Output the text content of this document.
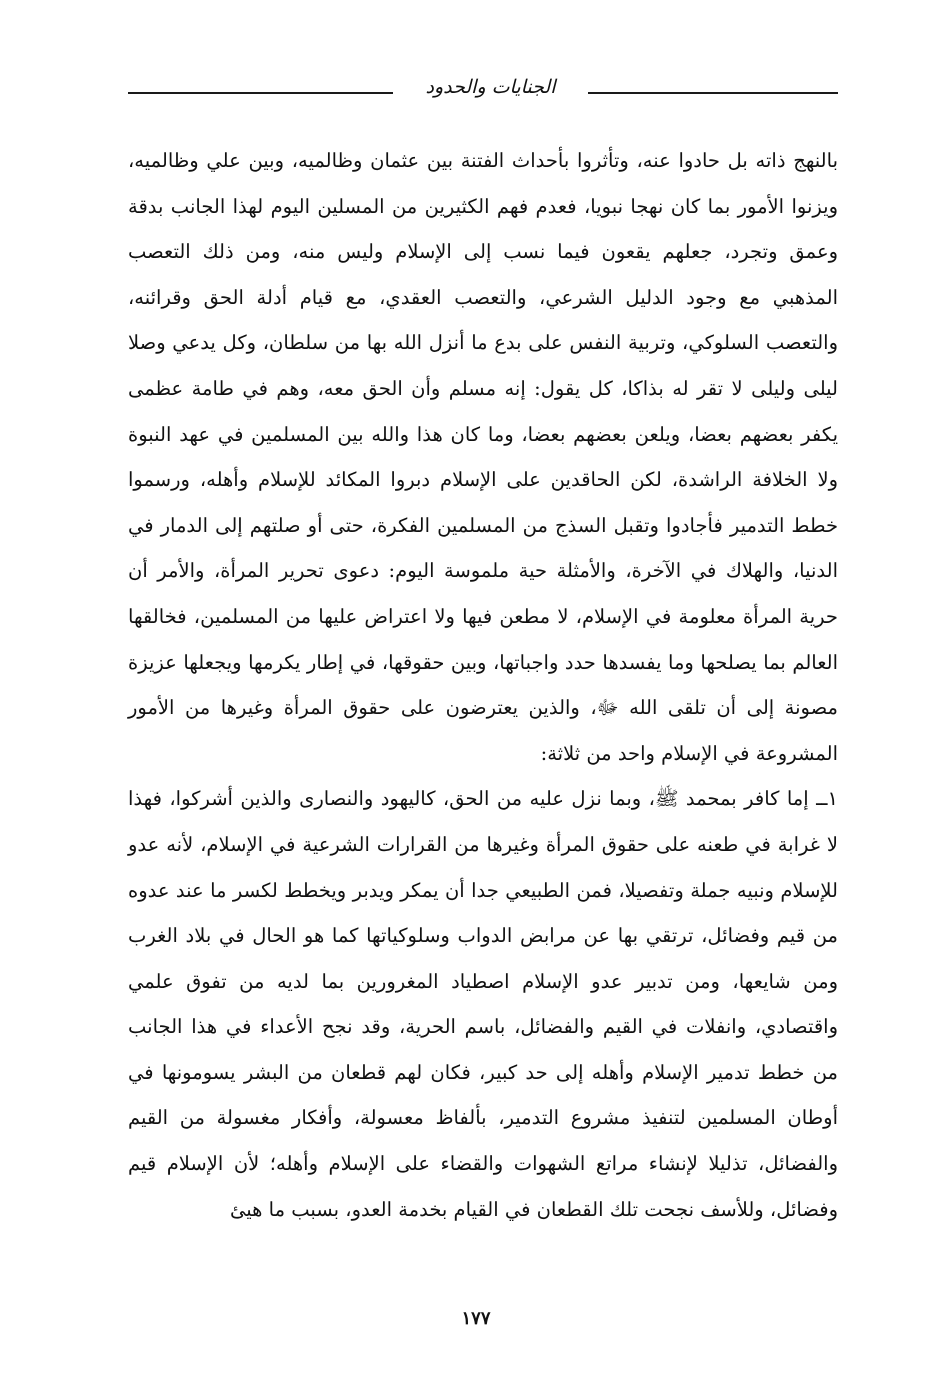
الجنايات والحدود

بالنهج ذاته بل حادوا عنه، وتأثروا بأحداث الفتنة بين عثمان وظالميه، وبين علي وظالميه، ويزنوا الأمور بما كان نهجا نبويا، فعدم فهم الكثيرين من المسلين اليوم لهذا الجانب بدقة وعمق وتجرد، جعلهم يقعون فيما نسب إلى الإسلام وليس منه، ومن ذلك التعصب المذهبي مع وجود الدليل الشرعي، والتعصب العقدي، مع قيام أدلة الحق وقرائنه، والتعصب السلوكي، وتربية النفس على بدع ما أنزل الله بها من سلطان، وكل يدعي وصلا ليلى وليلى لا تقر له بذاكا، كل يقول: إنه مسلم وأن الحق معه، وهم في طامة عظمى يكفر بعضهم بعضا، ويلعن بعضهم بعضا، وما كان هذا والله بين المسلمين في عهد النبوة ولا الخلافة الراشدة، لكن الحاقدين على الإسلام دبروا المكائد للإسلام وأهله، ورسموا خطط التدمير فأجادوا وتقبل السذج من المسلمين الفكرة، حتى أو صلتهم إلى الدمار في الدنيا، والهلاك في الآخرة، والأمثلة حية ملموسة اليوم: دعوى تحرير المرأة، والأمر أن حرية المرأة معلومة في الإسلام، لا مطعن فيها ولا اعتراض عليها من المسلمين، فخالقها العالم بما يصلحها وما يفسدها حدد واجباتها، وبين حقوقها، في إطار يكرمها ويجعلها عزيزة مصونة إلى أن تلقى الله ﷻ، والذين يعترضون على حقوق المرأة وغيرها من الأمور المشروعة في الإسلام واحد من ثلاثة:

١ــ إما كافر بمحمد ﷺ، وبما نزل عليه من الحق، كاليهود والنصارى والذين أشركوا، فهذا لا غرابة في طعنه على حقوق المرأة وغيرها من القرارات الشرعية في الإسلام، لأنه عدو للإسلام ونبيه جملة وتفصيلا، فمن الطبيعي جدا أن يمكر ويدبر ويخطط لكسر ما عند عدوه من قيم وفضائل، ترتقي بها عن مرابض الدواب وسلوكياتها كما هو الحال في بلاد الغرب ومن شايعها، ومن تدبير عدو الإسلام اصطياد المغرورين بما لديه من تفوق علمي واقتصادي، وانفلات في القيم والفضائل، باسم الحرية، وقد نجح الأعداء في هذا الجانب من خطط تدمير الإسلام وأهله إلى حد كبير، فكان لهم قطعان من البشر يسومونها في أوطان المسلمين لتنفيذ مشروع التدمير، بألفاظ معسولة، وأفكار مغسولة من القيم والفضائل، تذليلا لإنشاء مراتع الشهوات والقضاء على الإسلام وأهله؛ لأن الإسلام قيم وفضائل، وللأسف نجحت تلك القطعان في القيام بخدمة العدو، بسبب ما هيئ

١٧٧
